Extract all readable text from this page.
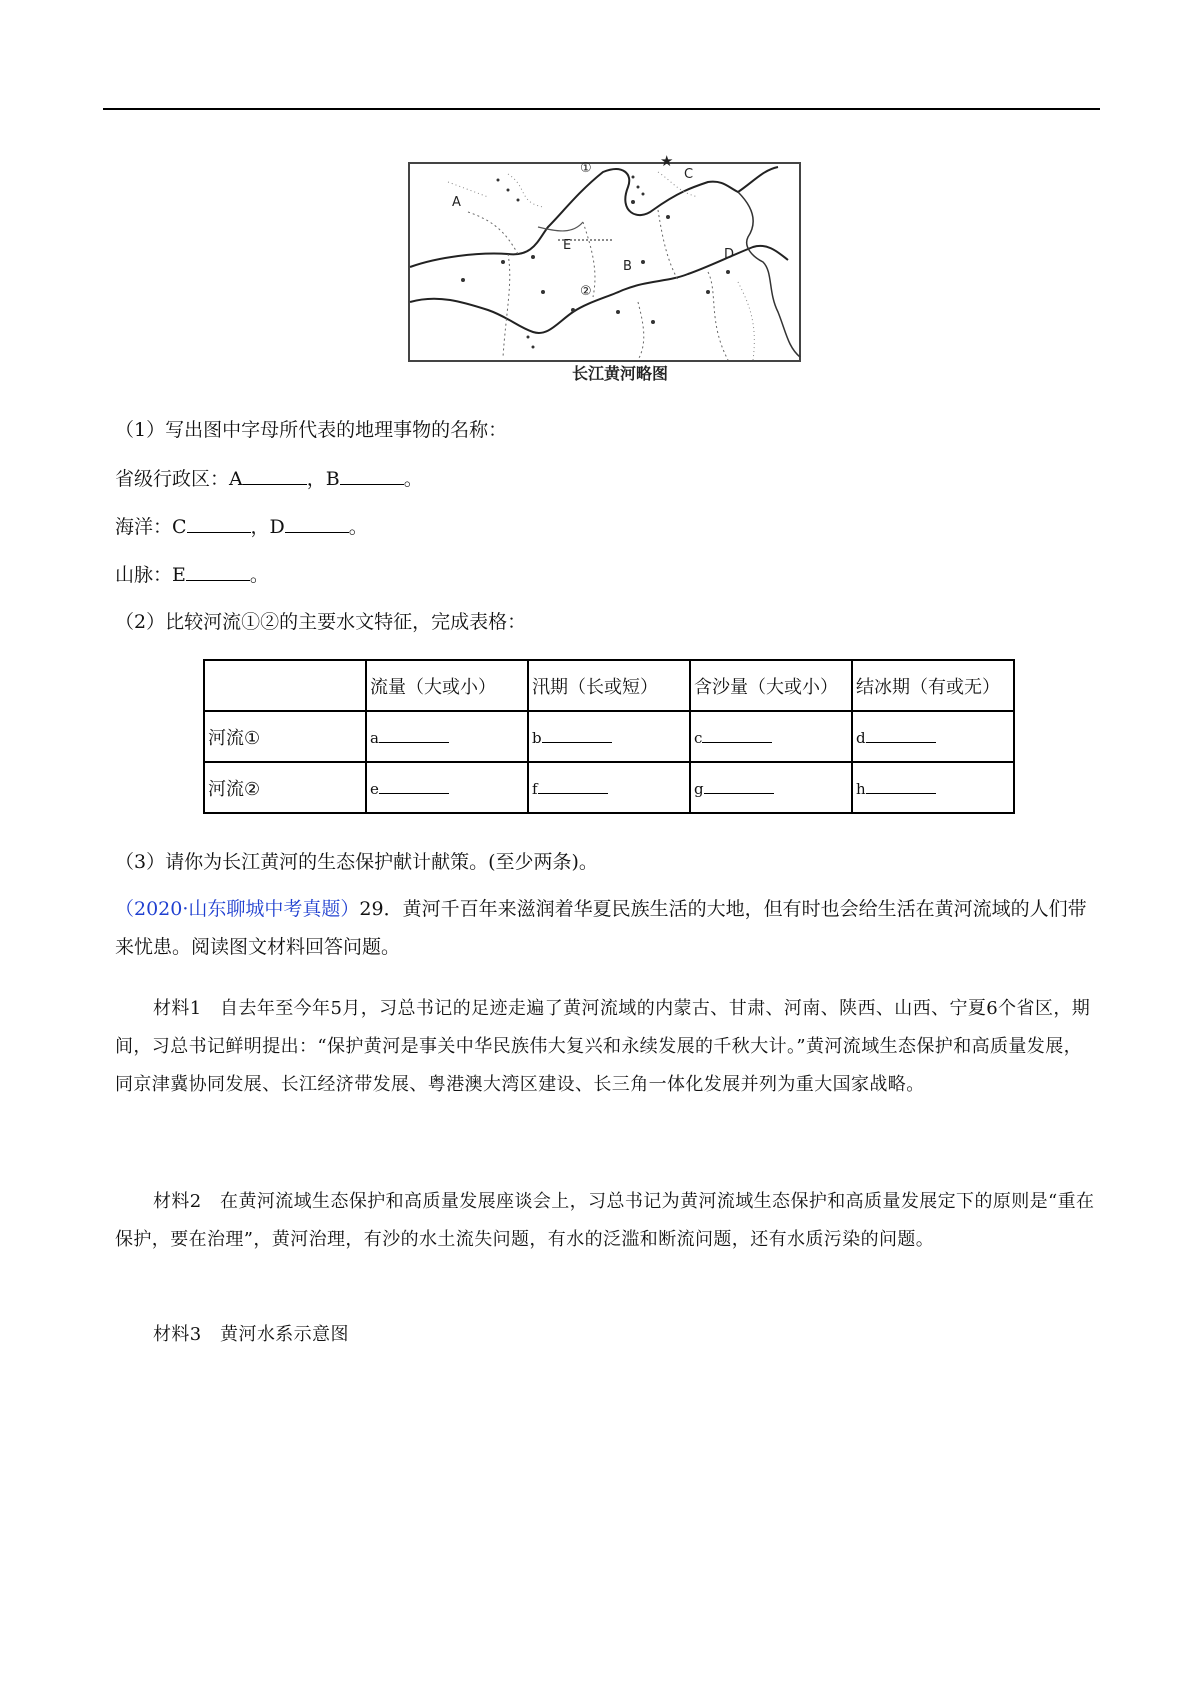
A
B
C
D
E
①
②
★
长江黄河略图
（1）写出图中字母所代表的地理事物的名称：
省级行政区：A	，B	。
海洋：C	，D	。
山脉：E	。
（2）比较河流①②的主要水文特征，完成表格：
	流量（大或小）	汛期（长或短）	含沙量（大或小）	结冰期（有或无）
河流①	a	b	c	d
河流②	e	f	g	h
（3）请你为长江黄河的生态保护献计献策。(至少两条)。
（2020·山东聊城中考真题）29．黄河千百年来滋润着华夏民族生活的大地，但有时也会给生活在黄河流域的人们带来忧患。阅读图文材料回答问题。
材料1　自去年至今年5月，习总书记的足迹走遍了黄河流域的内蒙古、甘肃、河南、陕西、山西、宁夏6个省区，期间，习总书记鲜明提出：“保护黄河是事关中华民族伟大复兴和永续发展的千秋大计。”黄河流域生态保护和高质量发展，同京津冀协同发展、长江经济带发展、粤港澳大湾区建设、长三角一体化发展并列为重大国家战略。
材料2　在黄河流域生态保护和高质量发展座谈会上，习总书记为黄河流域生态保护和高质量发展定下的原则是“重在保护，要在治理”，黄河治理，有沙的水土流失问题，有水的泛滥和断流问题，还有水质污染的问题。
材料3　黄河水系示意图
